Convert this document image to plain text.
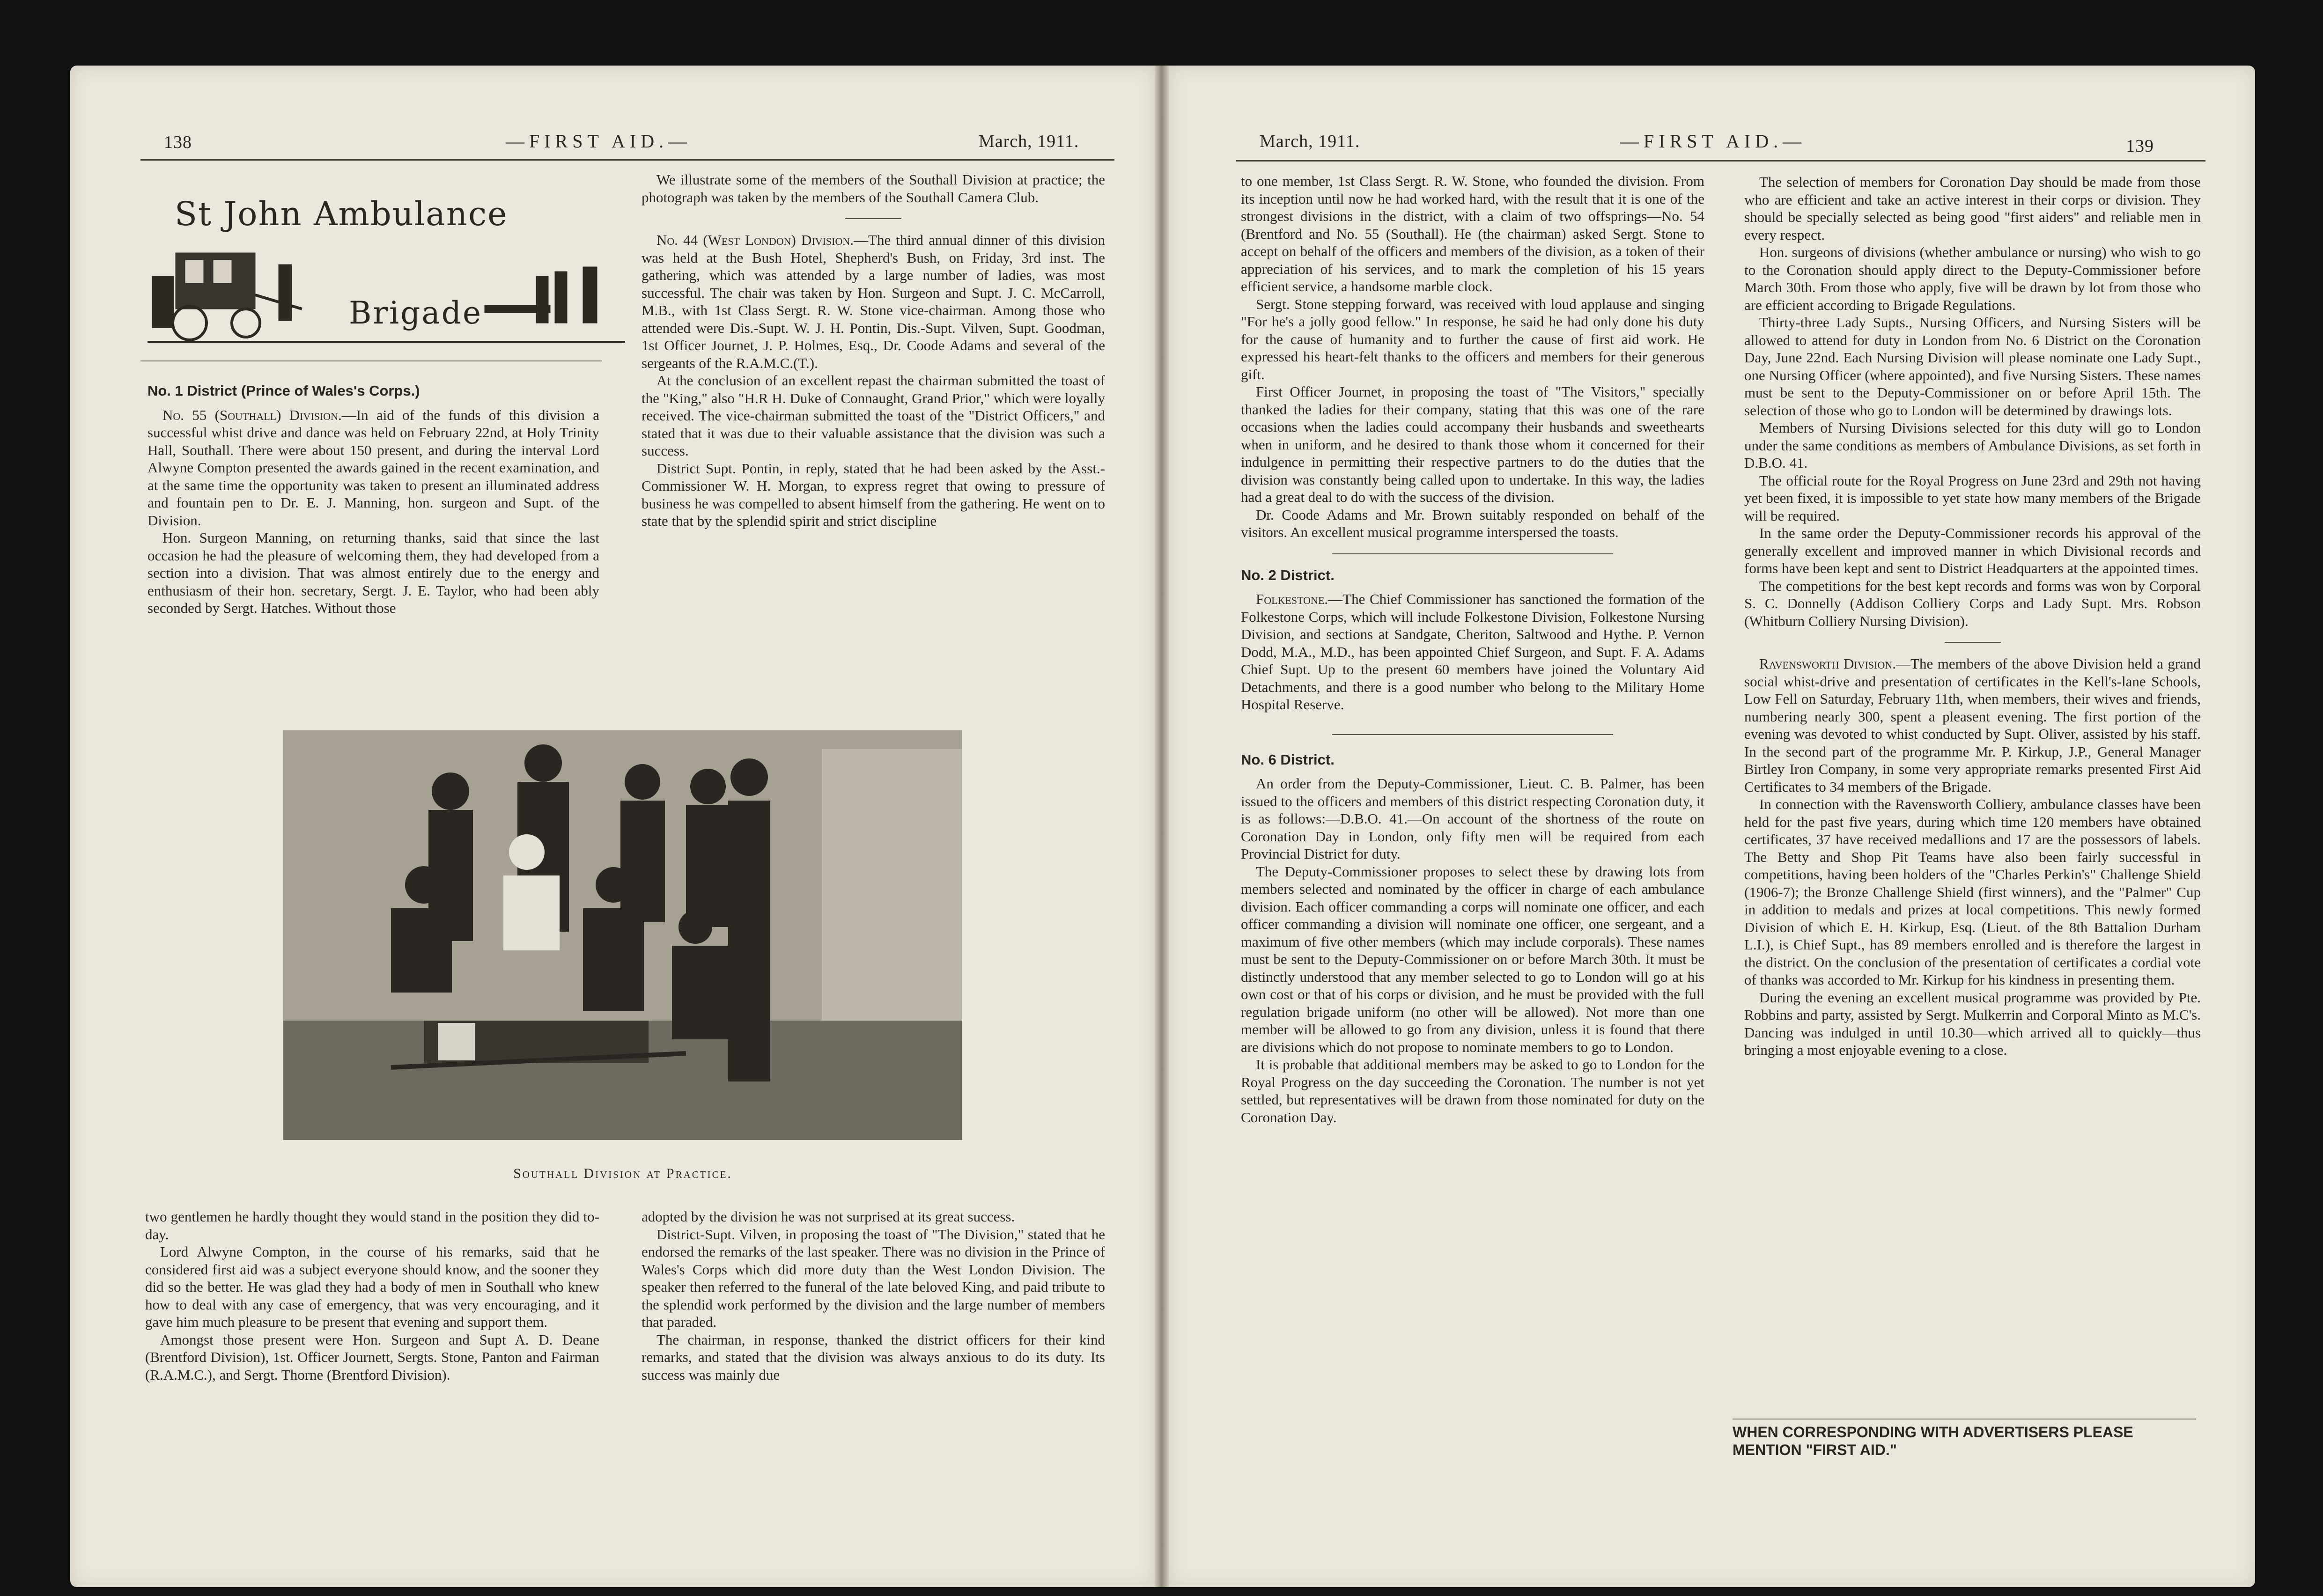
138	—FIRST AID.—	March, 1911.
St John Ambulance
Brigade
No. 1 District (Prince of Wales's Corps.)

No. 55 (Southall) Division.—In aid of the funds of this division a successful whist drive and dance was held on February 22nd, at Holy Trinity Hall, Southall. There were about 150 present, and during the interval Lord Alwyne Compton presented the awards gained in the recent examination, and at the same time the opportunity was taken to present an illuminated address and fountain pen to Dr. E. J. Manning, hon. surgeon and Supt. of the Division.

Hon. Surgeon Manning, on returning thanks, said that since the last occasion he had the pleasure of welcoming them, they had developed from a section into a division. That was almost entirely due to the energy and enthusiasm of their hon. secretary, Sergt. J. E. Taylor, who had been ably seconded by Sergt. Hatches. Without those

We illustrate some of the members of the Southall Division at practice; the photograph was taken by the members of the Southall Camera Club.

No. 44 (West London) Division.—The third annual dinner of this division was held at the Bush Hotel, Shepherd's Bush, on Friday, 3rd inst. The gathering, which was attended by a large number of ladies, was most successful. The chair was taken by Hon. Surgeon and Supt. J. C. McCarroll, M.B., with 1st Class Sergt. R. W. Stone vice-chairman. Among those who attended were Dis.-Supt. W. J. H. Pontin, Dis.-Supt. Vilven, Supt. Goodman, 1st Officer Journet, J. P. Holmes, Esq., Dr. Coode Adams and several of the sergeants of the R.A.M.C.(T.).

At the conclusion of an excellent repast the chairman submitted the toast of the "King," also "H.R H. Duke of Connaught, Grand Prior," which were loyally received. The vice-chairman submitted the toast of the "District Officers," and stated that it was due to their valuable assistance that the division was such a success.

District Supt. Pontin, in reply, stated that he had been asked by the Asst.-Commissioner W. H. Morgan, to express regret that owing to pressure of business he was compelled to absent himself from the gathering. He went on to state that by the splendid spirit and strict discipline

Southall Division at Practice.

two gentlemen he hardly thought they would stand in the position they did to-day.

Lord Alwyne Compton, in the course of his remarks, said that he considered first aid was a subject everyone should know, and the sooner they did so the better. He was glad they had a body of men in Southall who knew how to deal with any case of emergency, that was very encouraging, and it gave him much pleasure to be present that evening and support them.

Amongst those present were Hon. Surgeon and Supt A. D. Deane (Brentford Division), 1st. Officer Journett, Sergts. Stone, Panton and Fairman (R.A.M.C.), and Sergt. Thorne (Brentford Division).

adopted by the division he was not surprised at its great success.

District-Supt. Vilven, in proposing the toast of "The Division," stated that he endorsed the remarks of the last speaker. There was no division in the Prince of Wales's Corps which did more duty than the West London Division. The speaker then referred to the funeral of the late beloved King, and paid tribute to the splendid work performed by the division and the large number of members that paraded.

The chairman, in response, thanked the district officers for their kind remarks, and stated that the division was always anxious to do its duty. Its success was mainly due

March, 1911.	—FIRST AID.—	139

to one member, 1st Class Sergt. R. W. Stone, who founded the division. From its inception until now he had worked hard, with the result that it is one of the strongest divisions in the district, with a claim of two offsprings—No. 54 (Brentford and No. 55 (Southall). He (the chairman) asked Sergt. Stone to accept on behalf of the officers and members of the division, as a token of their appreciation of his services, and to mark the completion of his 15 years efficient service, a handsome marble clock.

Sergt. Stone stepping forward, was received with loud applause and singing "For he's a jolly good fellow." In response, he said he had only done his duty for the cause of humanity and to further the cause of first aid work. He expressed his heart-felt thanks to the officers and members for their generous gift.

First Officer Journet, in proposing the toast of "The Visitors," specially thanked the ladies for their company, stating that this was one of the rare occasions when the ladies could accompany their husbands and sweethearts when in uniform, and he desired to thank those whom it concerned for their indulgence in permitting their respective partners to do the duties that the division was constantly being called upon to undertake. In this way, the ladies had a great deal to do with the success of the division.

Dr. Coode Adams and Mr. Brown suitably responded on behalf of the visitors. An excellent musical programme interspersed the toasts.

No. 2 District.

Folkestone.—The Chief Commissioner has sanctioned the formation of the Folkestone Corps, which will include Folkestone Division, Folkestone Nursing Division, and sections at Sandgate, Cheriton, Saltwood and Hythe. P. Vernon Dodd, M.A., M.D., has been appointed Chief Surgeon, and Supt. F. A. Adams Chief Supt. Up to the present 60 members have joined the Voluntary Aid Detachments, and there is a good number who belong to the Military Home Hospital Reserve.

No. 6 District.

An order from the Deputy-Commissioner, Lieut. C. B. Palmer, has been issued to the officers and members of this district respecting Coronation duty, it is as follows:—D.B.O. 41.—On account of the shortness of the route on Coronation Day in London, only fifty men will be required from each Provincial District for duty.

The Deputy-Commissioner proposes to select these by drawing lots from members selected and nominated by the officer in charge of each ambulance division. Each officer commanding a corps will nominate one officer, and each officer commanding a division will nominate one officer, one sergeant, and a maximum of five other members (which may include corporals). These names must be sent to the Deputy-Commissioner on or before March 30th. It must be distinctly understood that any member selected to go to London will go at his own cost or that of his corps or division, and he must be provided with the full regulation brigade uniform (no other will be allowed). Not more than one member will be allowed to go from any division, unless it is found that there are divisions which do not propose to nominate members to go to London.

It is probable that additional members may be asked to go to London for the Royal Progress on the day succeeding the Coronation. The number is not yet settled, but representatives will be drawn from those nominated for duty on the Coronation Day.

The selection of members for Coronation Day should be made from those who are efficient and take an active interest in their corps or division. They should be specially selected as being good "first aiders" and reliable men in every respect.

Hon. surgeons of divisions (whether ambulance or nursing) who wish to go to the Coronation should apply direct to the Deputy-Commissioner before March 30th. From those who apply, five will be drawn by lot from those who are efficient according to Brigade Regulations.

Thirty-three Lady Supts., Nursing Officers, and Nursing Sisters will be allowed to attend for duty in London from No. 6 District on the Coronation Day, June 22nd. Each Nursing Division will please nominate one Lady Supt., one Nursing Officer (where appointed), and five Nursing Sisters. These names must be sent to the Deputy-Commissioner on or before April 15th. The selection of those who go to London will be determined by drawings lots.

Members of Nursing Divisions selected for this duty will go to London under the same conditions as members of Ambulance Divisions, as set forth in D.B.O. 41.

The official route for the Royal Progress on June 23rd and 29th not having yet been fixed, it is impossible to yet state how many members of the Brigade will be required.

In the same order the Deputy-Commissioner records his approval of the generally excellent and improved manner in which Divisional records and forms have been kept and sent to District Headquarters at the appointed times.

The competitions for the best kept records and forms was won by Corporal S. C. Donnelly (Addison Colliery Corps and Lady Supt. Mrs. Robson (Whitburn Colliery Nursing Division).

Ravensworth Division.—The members of the above Division held a grand social whist-drive and presentation of certificates in the Kell's-lane Schools, Low Fell on Saturday, February 11th, when members, their wives and friends, numbering nearly 300, spent a pleasent evening. The first portion of the evening was devoted to whist conducted by Supt. Oliver, assisted by his staff. In the second part of the programme Mr. P. Kirkup, J.P., General Manager Birtley Iron Company, in some very appropriate remarks presented First Aid Certificates to 34 members of the Brigade.

In connection with the Ravensworth Colliery, ambulance classes have been held for the past five years, during which time 120 members have obtained certificates, 37 have received medallions and 17 are the possessors of labels. The Betty and Shop Pit Teams have also been fairly successful in competitions, having been holders of the "Charles Perkin's" Challenge Shield (1906-7); the Bronze Challenge Shield (first winners), and the "Palmer" Cup in addition to medals and prizes at local competitions. This newly formed Division of which E. H. Kirkup, Esq. (Lieut. of the 8th Battalion Durham L.I.), is Chief Supt., has 89 members enrolled and is therefore the largest in the district. On the conclusion of the presentation of certificates a cordial vote of thanks was accorded to Mr. Kirkup for his kindness in presenting them.

During the evening an excellent musical programme was provided by Pte. Robbins and party, assisted by Sergt. Mulkerrin and Corporal Minto as M.C's. Dancing was indulged in until 10.30—which arrived all to quickly—thus bringing a most enjoyable evening to a close.

WHEN CORRESPONDING WITH ADVERTISERS PLEASE MENTION "FIRST AID."
